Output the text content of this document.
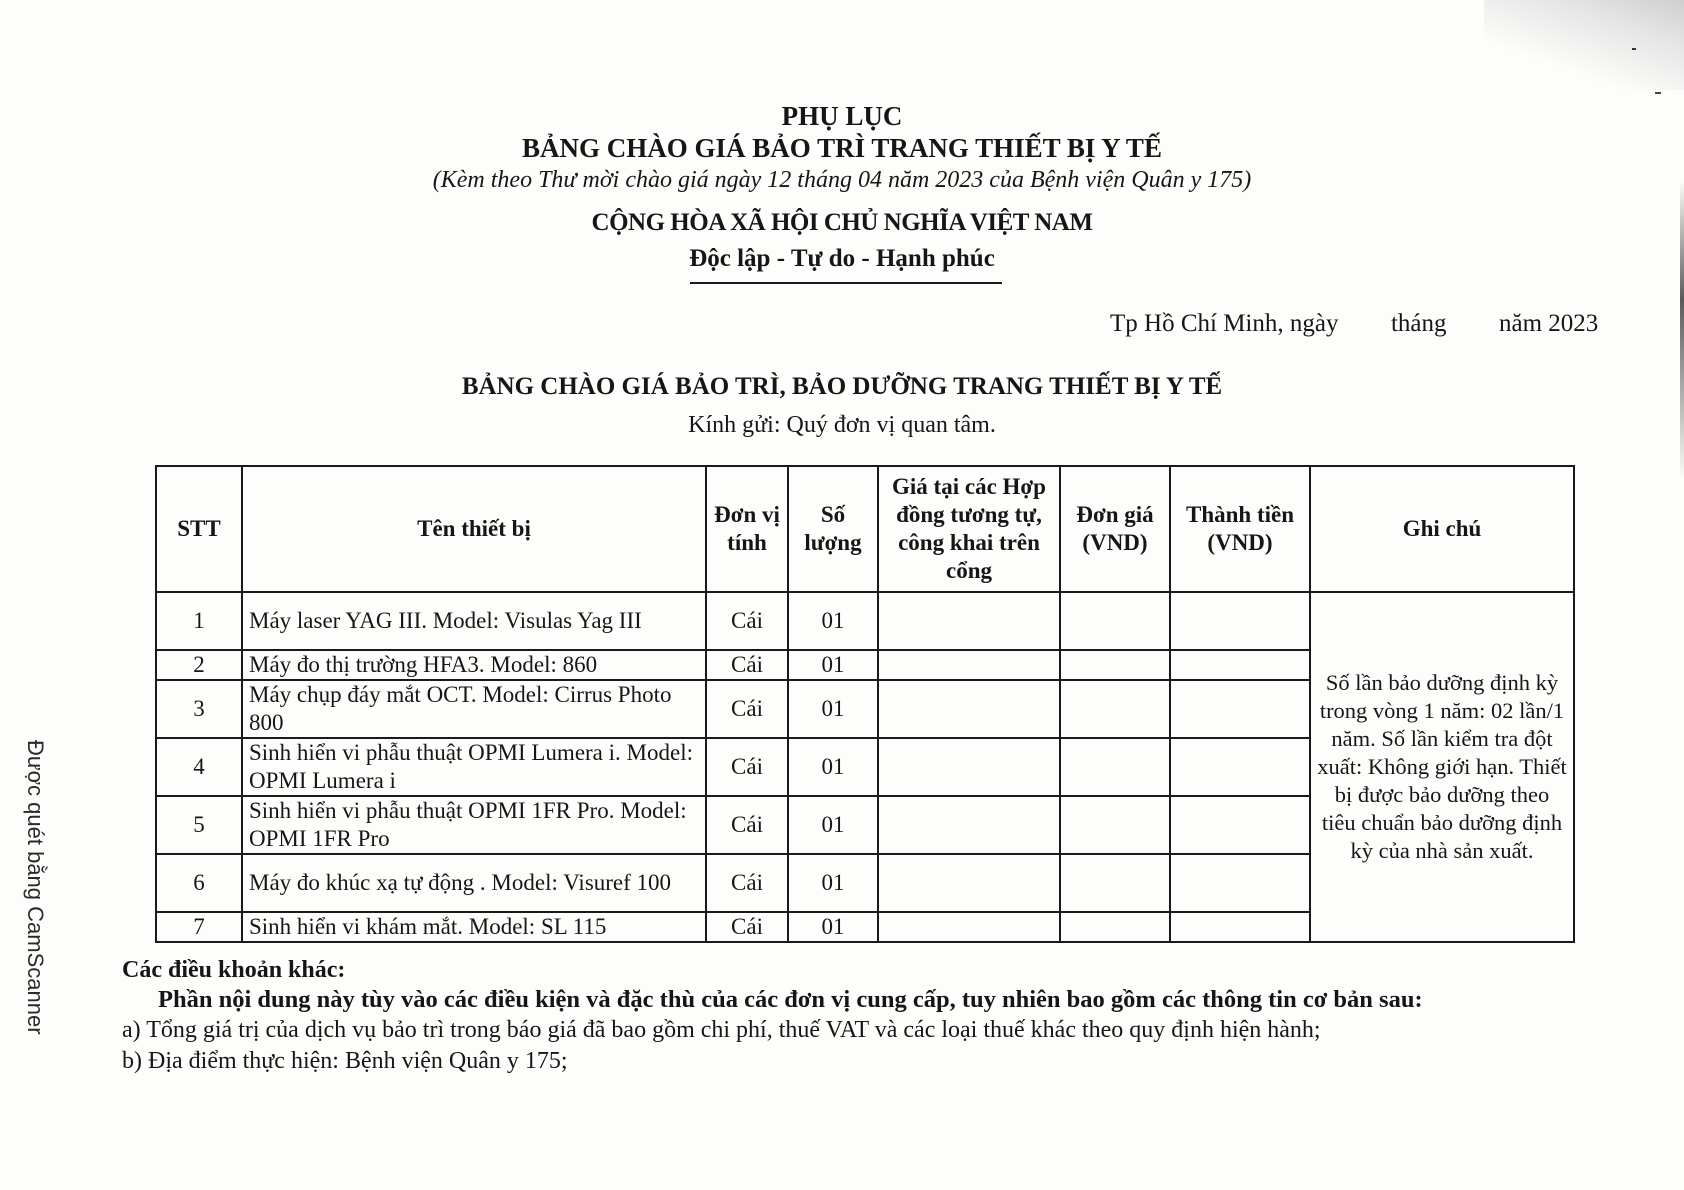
PHỤ LỤC
BẢNG CHÀO GIÁ BẢO TRÌ TRANG THIẾT BỊ Y TẾ
(Kèm theo Thư mời chào giá ngày 12 tháng 04 năm 2023 của Bệnh viện Quân y 175)
CỘNG HÒA XÃ HỘI CHỦ NGHĨA VIỆT NAM
Độc lập - Tự do - Hạnh phúc
Tp Hồ Chí Minh, ngày tháng năm 2023
BẢNG CHÀO GIÁ BẢO TRÌ, BẢO DƯỠNG TRANG THIẾT BỊ Y TẾ
Kính gửi: Quý đơn vị quan tâm.
STT	Tên thiết bị	Đơn vị tính	Số lượng	Giá tại các Hợp đồng tương tự, công khai trên cổng	Đơn giá (VND)	Thành tiền (VND)	Ghi chú
1	Máy laser YAG III. Model: Visulas Yag III	Cái	01				Số lần bảo dưỡng định kỳ trong vòng 1 năm: 02 lần/1 năm. Số lần kiểm tra đột xuất: Không giới hạn. Thiết bị được bảo dưỡng theo tiêu chuẩn bảo dưỡng định kỳ của nhà sản xuất.
2	Máy đo thị trường HFA3. Model: 860	Cái	01				
3	Máy chụp đáy mắt OCT. Model: Cirrus Photo 800	Cái	01				
4	Sinh hiển vi phẫu thuật OPMI Lumera i. Model: OPMI Lumera i	Cái	01				
5	Sinh hiển vi phẫu thuật OPMI 1FR Pro. Model: OPMI 1FR Pro	Cái	01				
6	Máy đo khúc xạ tự động . Model: Visuref 100	Cái	01				
7	Sinh hiển vi khám mắt. Model: SL 115	Cái	01				
Các điều khoản khác:
Phần nội dung này tùy vào các điều kiện và đặc thù của các đơn vị cung cấp, tuy nhiên bao gồm các thông tin cơ bản sau:
a) Tổng giá trị của dịch vụ bảo trì trong báo giá đã bao gồm chi phí, thuế VAT và các loại thuế khác theo quy định hiện hành;
b) Địa điểm thực hiện: Bệnh viện Quân y 175;
Được quét bằng CamScanner
